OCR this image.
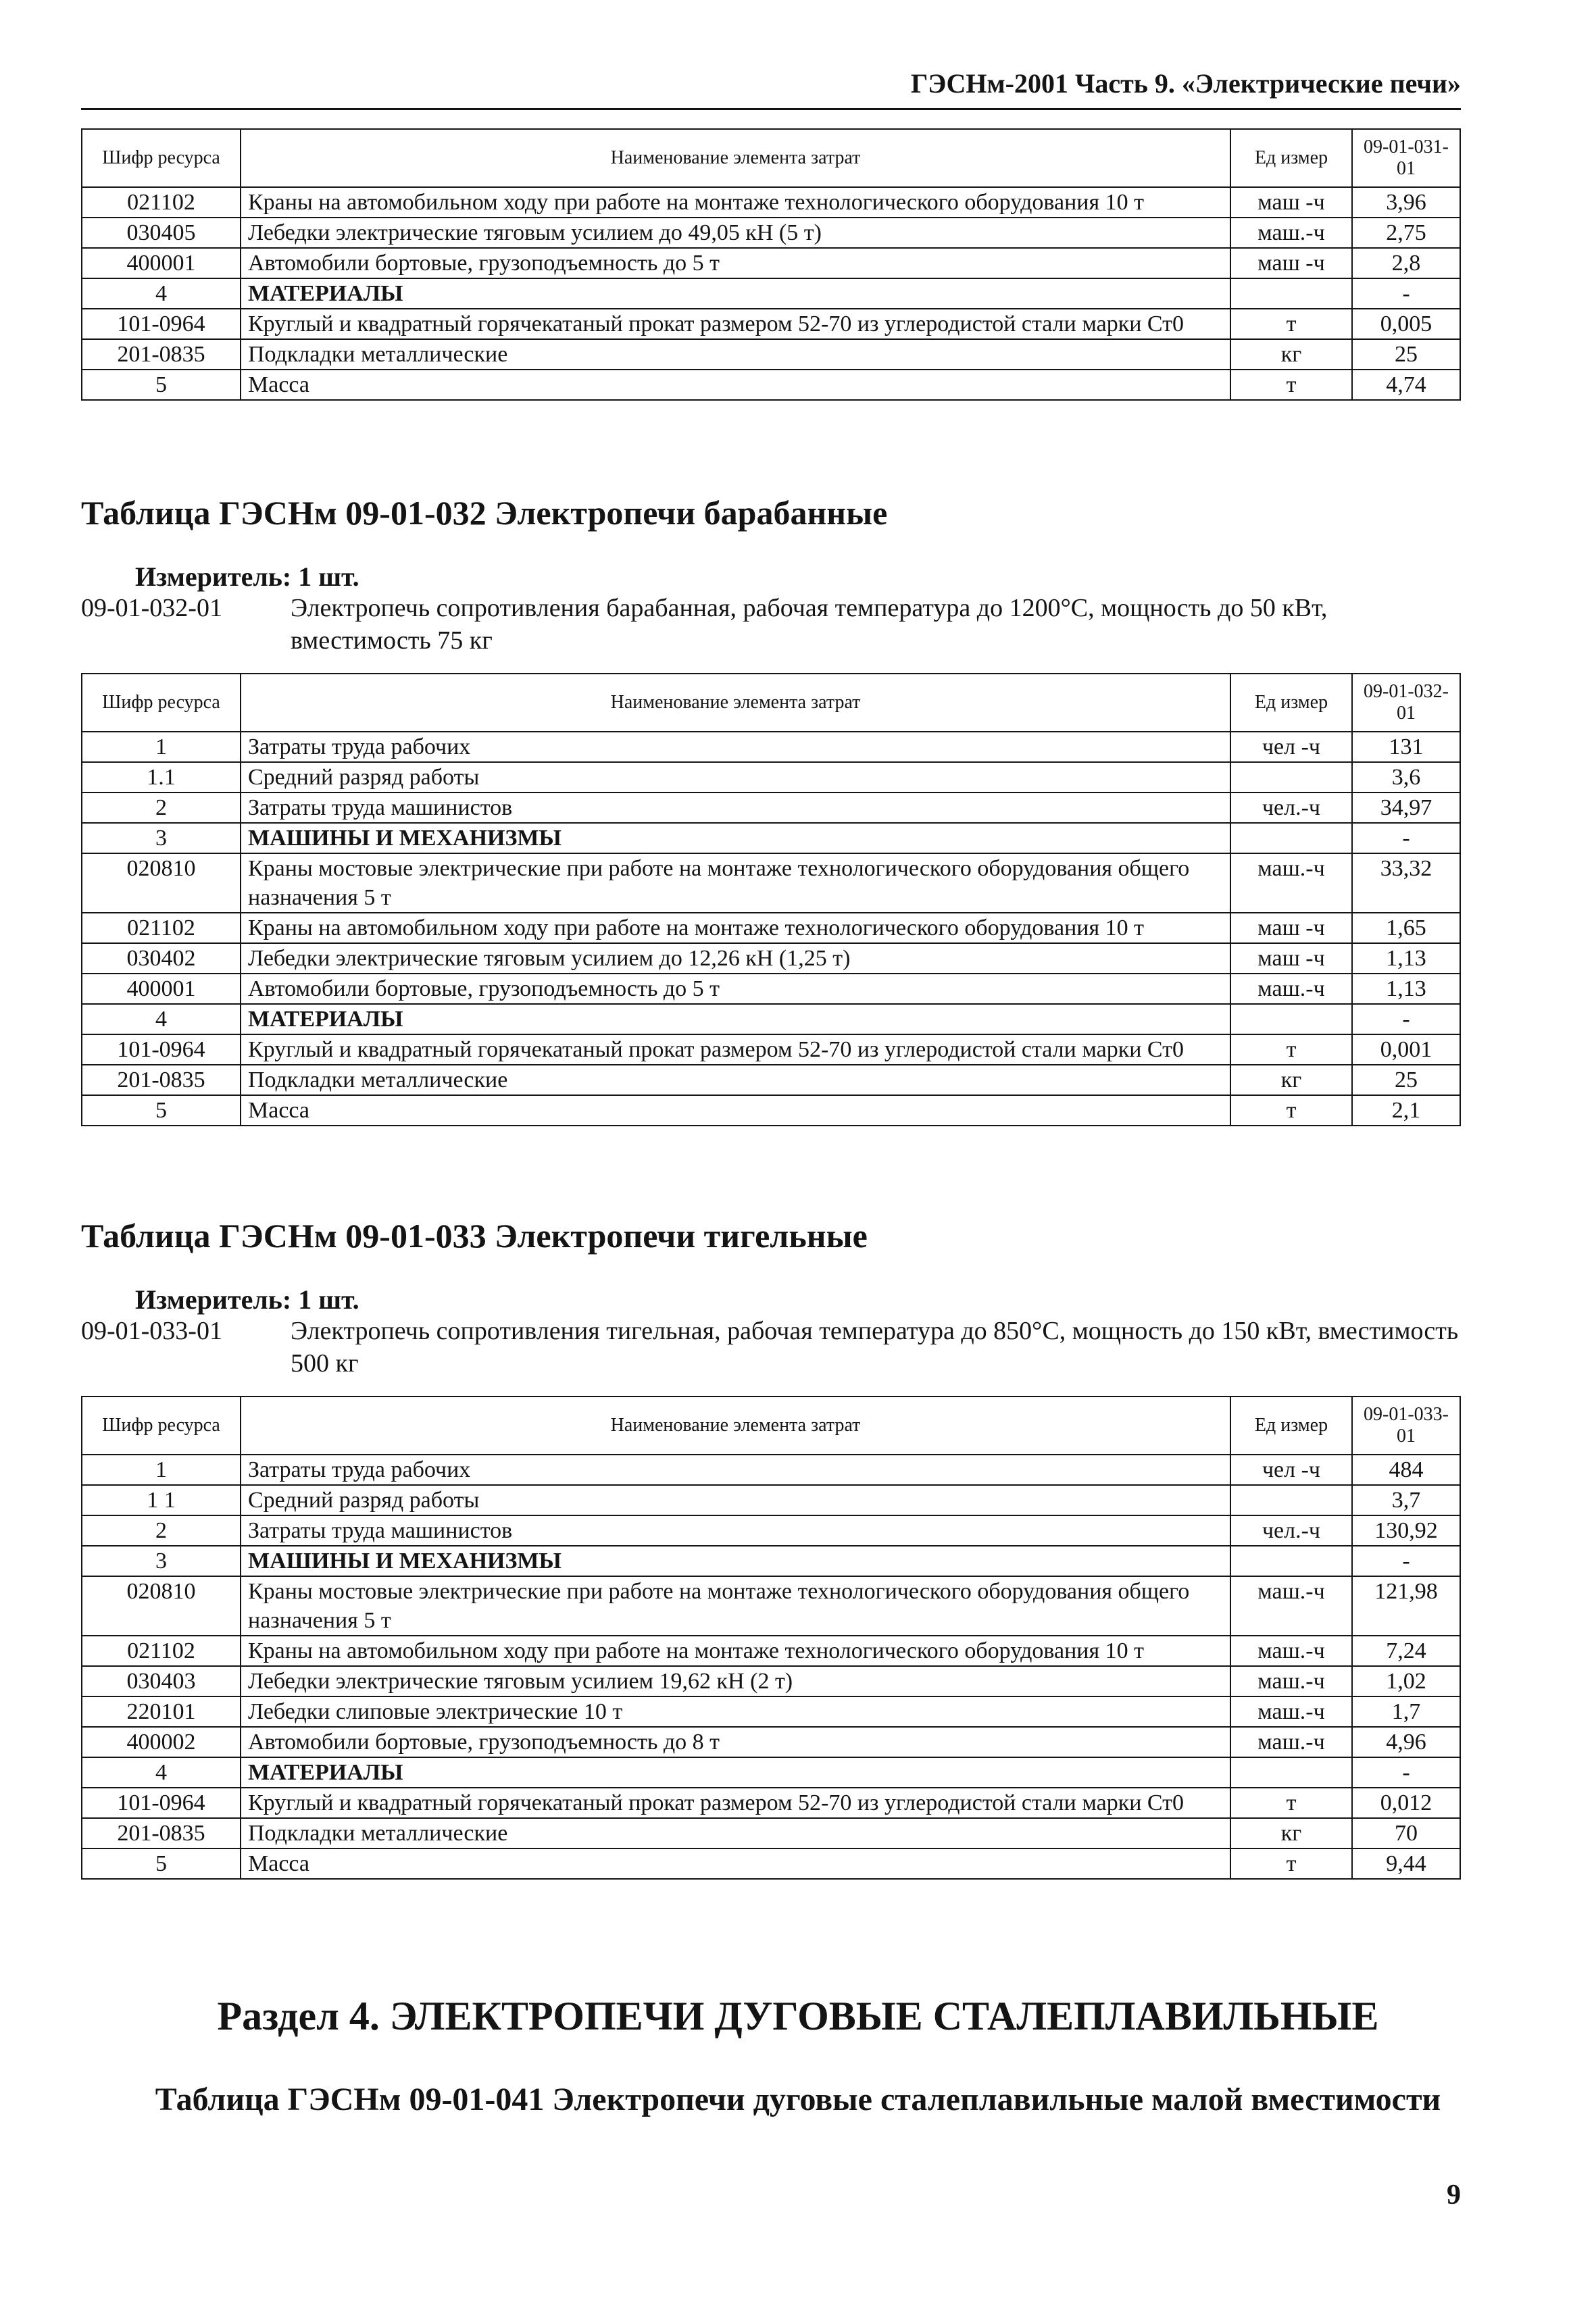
ГЭСНм-2001 Часть 9. «Электрические печи»
Шифр ресурса	Наименование элемента затрат	Ед измер	09-01-031-01
021102	Краны на автомобильном ходу при работе на монтаже технологического оборудования 10 т	маш -ч	3,96
030405	Лебедки электрические тяговым усилием до 49,05 кН (5 т)	маш.-ч	2,75
400001	Автомобили бортовые, грузоподъемность до 5 т	маш -ч	2,8
4	МАТЕРИАЛЫ		-
101-0964	Круглый и квадратный горячекатаный прокат размером 52-70 из углеродистой стали марки Ст0	т	0,005
201-0835	Подкладки металлические	кг	25
5	Масса	т	4,74
Таблица ГЭСНм 09-01-032 Электропечи барабанные
Измеритель: 1 шт.
09-01-032-01	Электропечь сопротивления барабанная, рабочая температура до 1200°С, мощность до 50 кВт, вместимость 75 кг
Шифр ресурса	Наименование элемента затрат	Ед измер	09-01-032-01
1	Затраты труда рабочих	чел -ч	131
1.1	Средний разряд работы		3,6
2	Затраты труда машинистов	чел.-ч	34,97
3	МАШИНЫ И МЕХАНИЗМЫ		-
020810	Краны мостовые электрические при работе на монтаже технологического оборудования общего назначения 5 т	маш.-ч	33,32
021102	Краны на автомобильном ходу при работе на монтаже технологического оборудования 10 т	маш -ч	1,65
030402	Лебедки электрические тяговым усилием до 12,26 кН (1,25 т)	маш -ч	1,13
400001	Автомобили бортовые, грузоподъемность до 5 т	маш.-ч	1,13
4	МАТЕРИАЛЫ		-
101-0964	Круглый и квадратный горячекатаный прокат размером 52-70 из углеродистой стали марки Ст0	т	0,001
201-0835	Подкладки металлические	кг	25
5	Масса	т	2,1
Таблица ГЭСНм 09-01-033 Электропечи тигельные
Измеритель: 1 шт.
09-01-033-01	Электропечь сопротивления тигельная, рабочая температура до 850°С, мощность до 150 кВт, вместимость 500 кг
Шифр ресурса	Наименование элемента затрат	Ед измер	09-01-033-01
1	Затраты труда рабочих	чел -ч	484
1 1	Средний разряд работы		3,7
2	Затраты труда машинистов	чел.-ч	130,92
3	МАШИНЫ И МЕХАНИЗМЫ		-
020810	Краны мостовые электрические при работе на монтаже технологического оборудования общего назначения 5 т	маш.-ч	121,98
021102	Краны на автомобильном ходу при работе на монтаже технологического оборудования 10 т	маш.-ч	7,24
030403	Лебедки электрические тяговым усилием 19,62 кН (2 т)	маш.-ч	1,02
220101	Лебедки слиповые электрические 10 т	маш.-ч	1,7
400002	Автомобили бортовые, грузоподъемность до 8 т	маш.-ч	4,96
4	МАТЕРИАЛЫ		-
101-0964	Круглый и квадратный горячекатаный прокат размером 52-70 из углеродистой стали марки Ст0	т	0,012
201-0835	Подкладки металлические	кг	70
5	Масса	т	9,44
Раздел 4. ЭЛЕКТРОПЕЧИ ДУГОВЫЕ СТАЛЕПЛАВИЛЬНЫЕ
Таблица ГЭСНм 09-01-041 Электропечи дуговые сталеплавильные малой вместимости
9
